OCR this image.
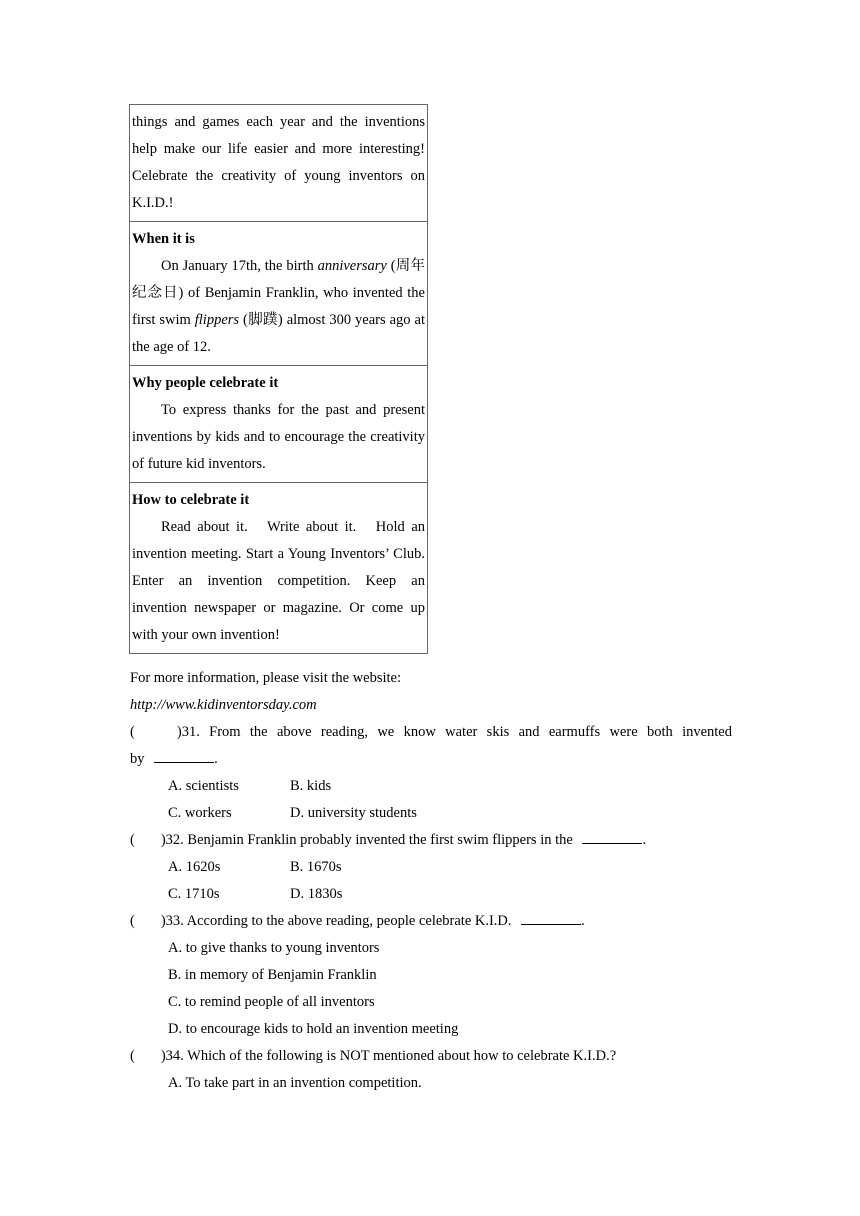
things and games each year and the inventions help make our life easier and more interesting! Celebrate the creativity of young inventors on K.I.D.!

When it is
On January 17th, the birth anniversary (周年纪念日) of Benjamin Franklin, who invented the first swim flippers (脚蹼) almost 300 years ago at the age of 12.

Why people celebrate it
To express thanks for the past and present inventions by kids and to encourage the creativity of future kid inventors.

How to celebrate it
Read about it.   Write about it.   Hold an invention meeting. Start a Young Inventors’ Club. Enter an invention competition. Keep an invention newspaper or magazine. Or come up with your own invention!
For more information, please visit the website:
http://www.kidinventorsday.com
(	)31. From the above reading, we know water skis and earmuffs were both invented
by	.
A. scientists	B. kids
C. workers	D. university students
( )32. Benjamin Franklin probably invented the first swim flippers in the	.
A. 1620s	B. 1670s
C. 1710s	D. 1830s
( )33. According to the above reading, people celebrate K.I.D.	.
A. to give thanks to young inventors
B. in memory of Benjamin Franklin
C. to remind people of all inventors
D. to encourage kids to hold an invention meeting
( )34. Which of the following is NOT mentioned about how to celebrate K.I.D.?
A. To take part in an invention competition.
